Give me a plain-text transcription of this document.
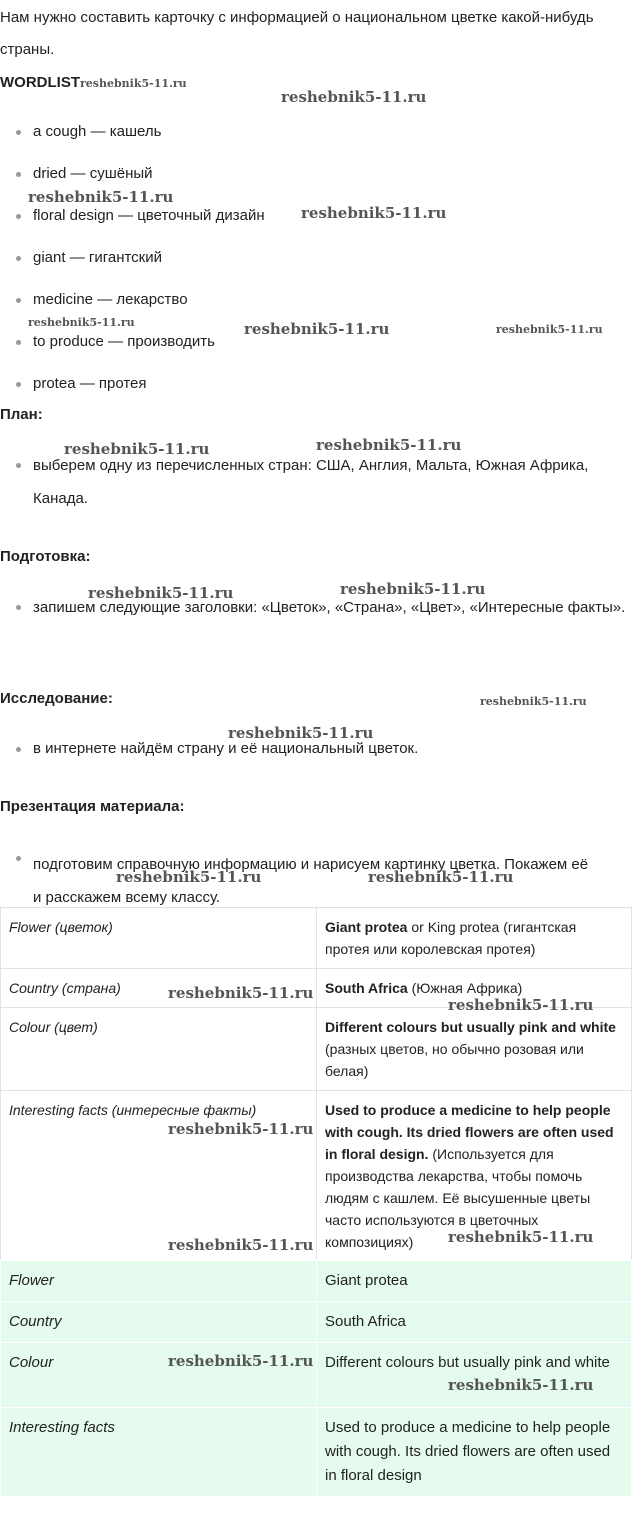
Нам нужно составить карточку с информацией о национальном цветке какой-нибудь страны.
WORDLISTreshebnik5-11.ru
a cough — кашель
dried — сушёный
floral design — цветочный дизайн
giant — гигантский
medicine — лекарство
to produce — производить
protea — протея
План:
выберем одну из перечисленных стран: США, Англия, Мальта, Южная Африка, Канада.
Подготовка:
запишем следующие заголовки: «Цветок», «Страна», «Цвет», «Интересные факты».
Исследование:
в интернете найдём страну и её национальный цветок.
Презентация материала:
подготовим справочную информацию и нарисуем картинку цветка. Покажем её и расскажем всему классу.
Flower (цветок)	Giant protea or King protea (гигантская протея или королевская протея)
Country (страна)	South Africa (Южная Африка)
Colour (цвет)	Different colours but usually pink and white (разных цветов, но обычно розовая или белая)
Interesting facts (интересные факты)	Used to produce a medicine to help people with cough. Its dried flowers are often used in floral design. (Используется для производства лекарства, чтобы помочь людям с кашлем. Её высушенные цветы часто используются в цветочных композициях)
Flower	Giant protea
Country	South Africa
Colour	Different colours but usually pink and white
Interesting facts	Used to produce a medicine to help people with cough. Its dried flowers are often used in floral design
reshebnik5-11.ru
reshebnik5-11.ru
reshebnik5-11.ru
reshebnik5-11.ru	reshebnik5-11.ru	reshebnik5-11.ru
reshebnik5-11.ru	reshebnik5-11.ru
reshebnik5-11.ru	reshebnik5-11.ru
reshebnik5-11.ru
reshebnik5-11.ru
reshebnik5-11.ru	reshebnik5-11.ru
reshebnik5-11.ru
reshebnik5-11.ru
reshebnik5-11.ru
reshebnik5-11.ru
reshebnik5-11.ru
reshebnik5-11.ru
reshebnik5-11.ru
